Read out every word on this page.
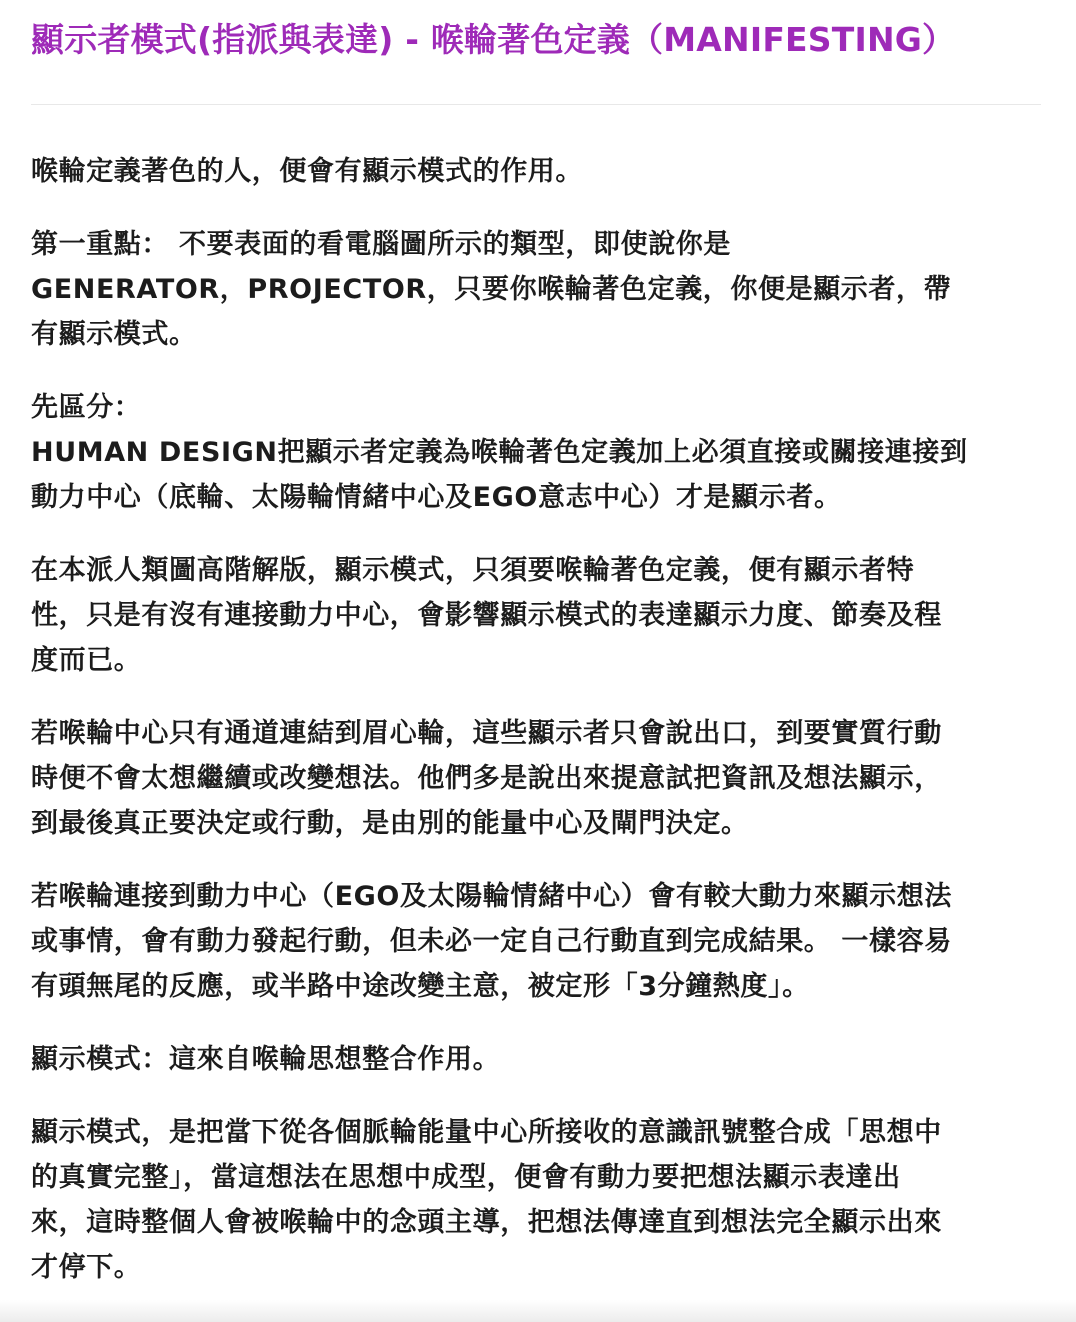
顯示者模式(指派與表達) - 喉輪著色定義（MANIFESTING）

喉輪定義著色的人，便會有顯示模式的作用。

第一重點： 不要表面的看電腦圖所示的類型，即使說你是
GENERATOR，PROJECTOR，只要你喉輪著色定義，你便是顯示者，帶
有顯示模式。

先區分：
HUMAN DESIGN把顯示者定義為喉輪著色定義加上必須直接或關接連接到
動力中心（底輪、太陽輪情緒中心及EGO意志中心）才是顯示者。

在本派人類圖高階解版，顯示模式，只須要喉輪著色定義，便有顯示者特
性，只是有沒有連接動力中心，會影響顯示模式的表達顯示力度、節奏及程
度而已。

若喉輪中心只有通道連結到眉心輪，這些顯示者只會說出口，到要實質行動
時便不會太想繼續或改變想法。他們多是說出來提意試把資訊及想法顯示，
到最後真正要決定或行動，是由別的能量中心及閘門決定。

若喉輪連接到動力中心（EGO及太陽輪情緒中心）會有較大動力來顯示想法
或事情，會有動力發起行動，但未必一定自己行動直到完成結果。 一樣容易
有頭無尾的反應，或半路中途改變主意，被定形「3分鐘熱度」。

顯示模式：這來自喉輪思想整合作用。

顯示模式，是把當下從各個脈輪能量中心所接收的意識訊號整合成「思想中
的真實完整」，當這想法在思想中成型，便會有動力要把想法顯示表達出
來，這時整個人會被喉輪中的念頭主導，把想法傳達直到想法完全顯示出來
才停下。
